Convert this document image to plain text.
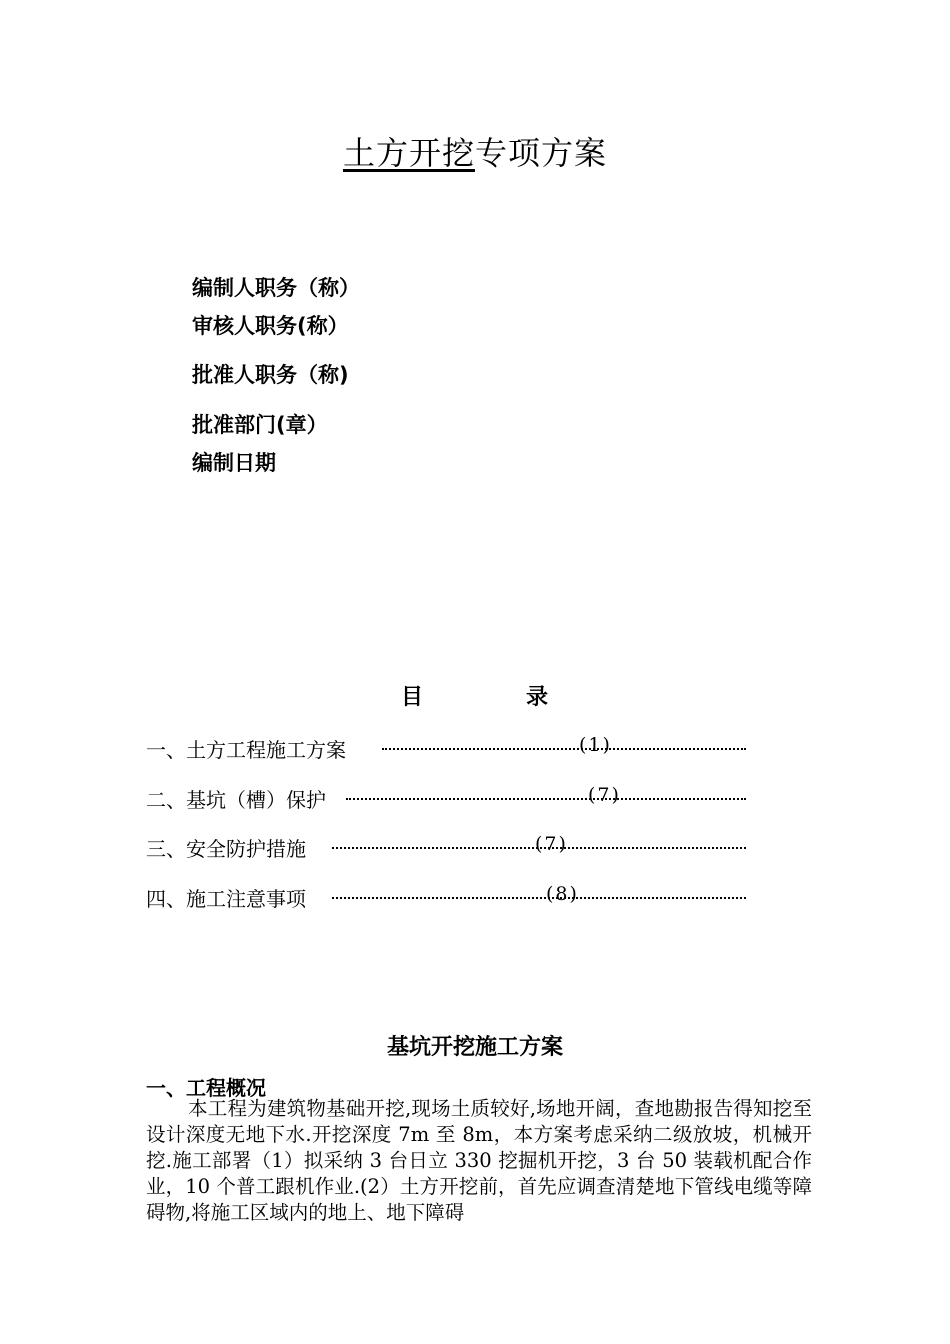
土方开挖专项方案
编制人职务（称）
审核人职务(称）
批准人职务（称)
批准部门(章）
编制日期
目	录
一、土方工程施工方案	(1)
二、基坑（槽）保护	(7)
三、安全防护措施	(7)
四、施工注意事项	(8)
基坑开挖施工方案
一、工程概况
本工程为建筑物基础开挖,现场土质较好,场地开阔，查地勘报告得知挖至设计深度无地下水.开挖深度 7m 至 8m，本方案考虑采纳二级放坡，机械开挖.施工部署（1）拟采纳 3 台日立 330 挖掘机开挖，3 台 50 装载机配合作业，10 个普工跟机作业.(2）土方开挖前，首先应调查清楚地下管线电缆等障碍物,将施工区域内的地上、地下障碍
